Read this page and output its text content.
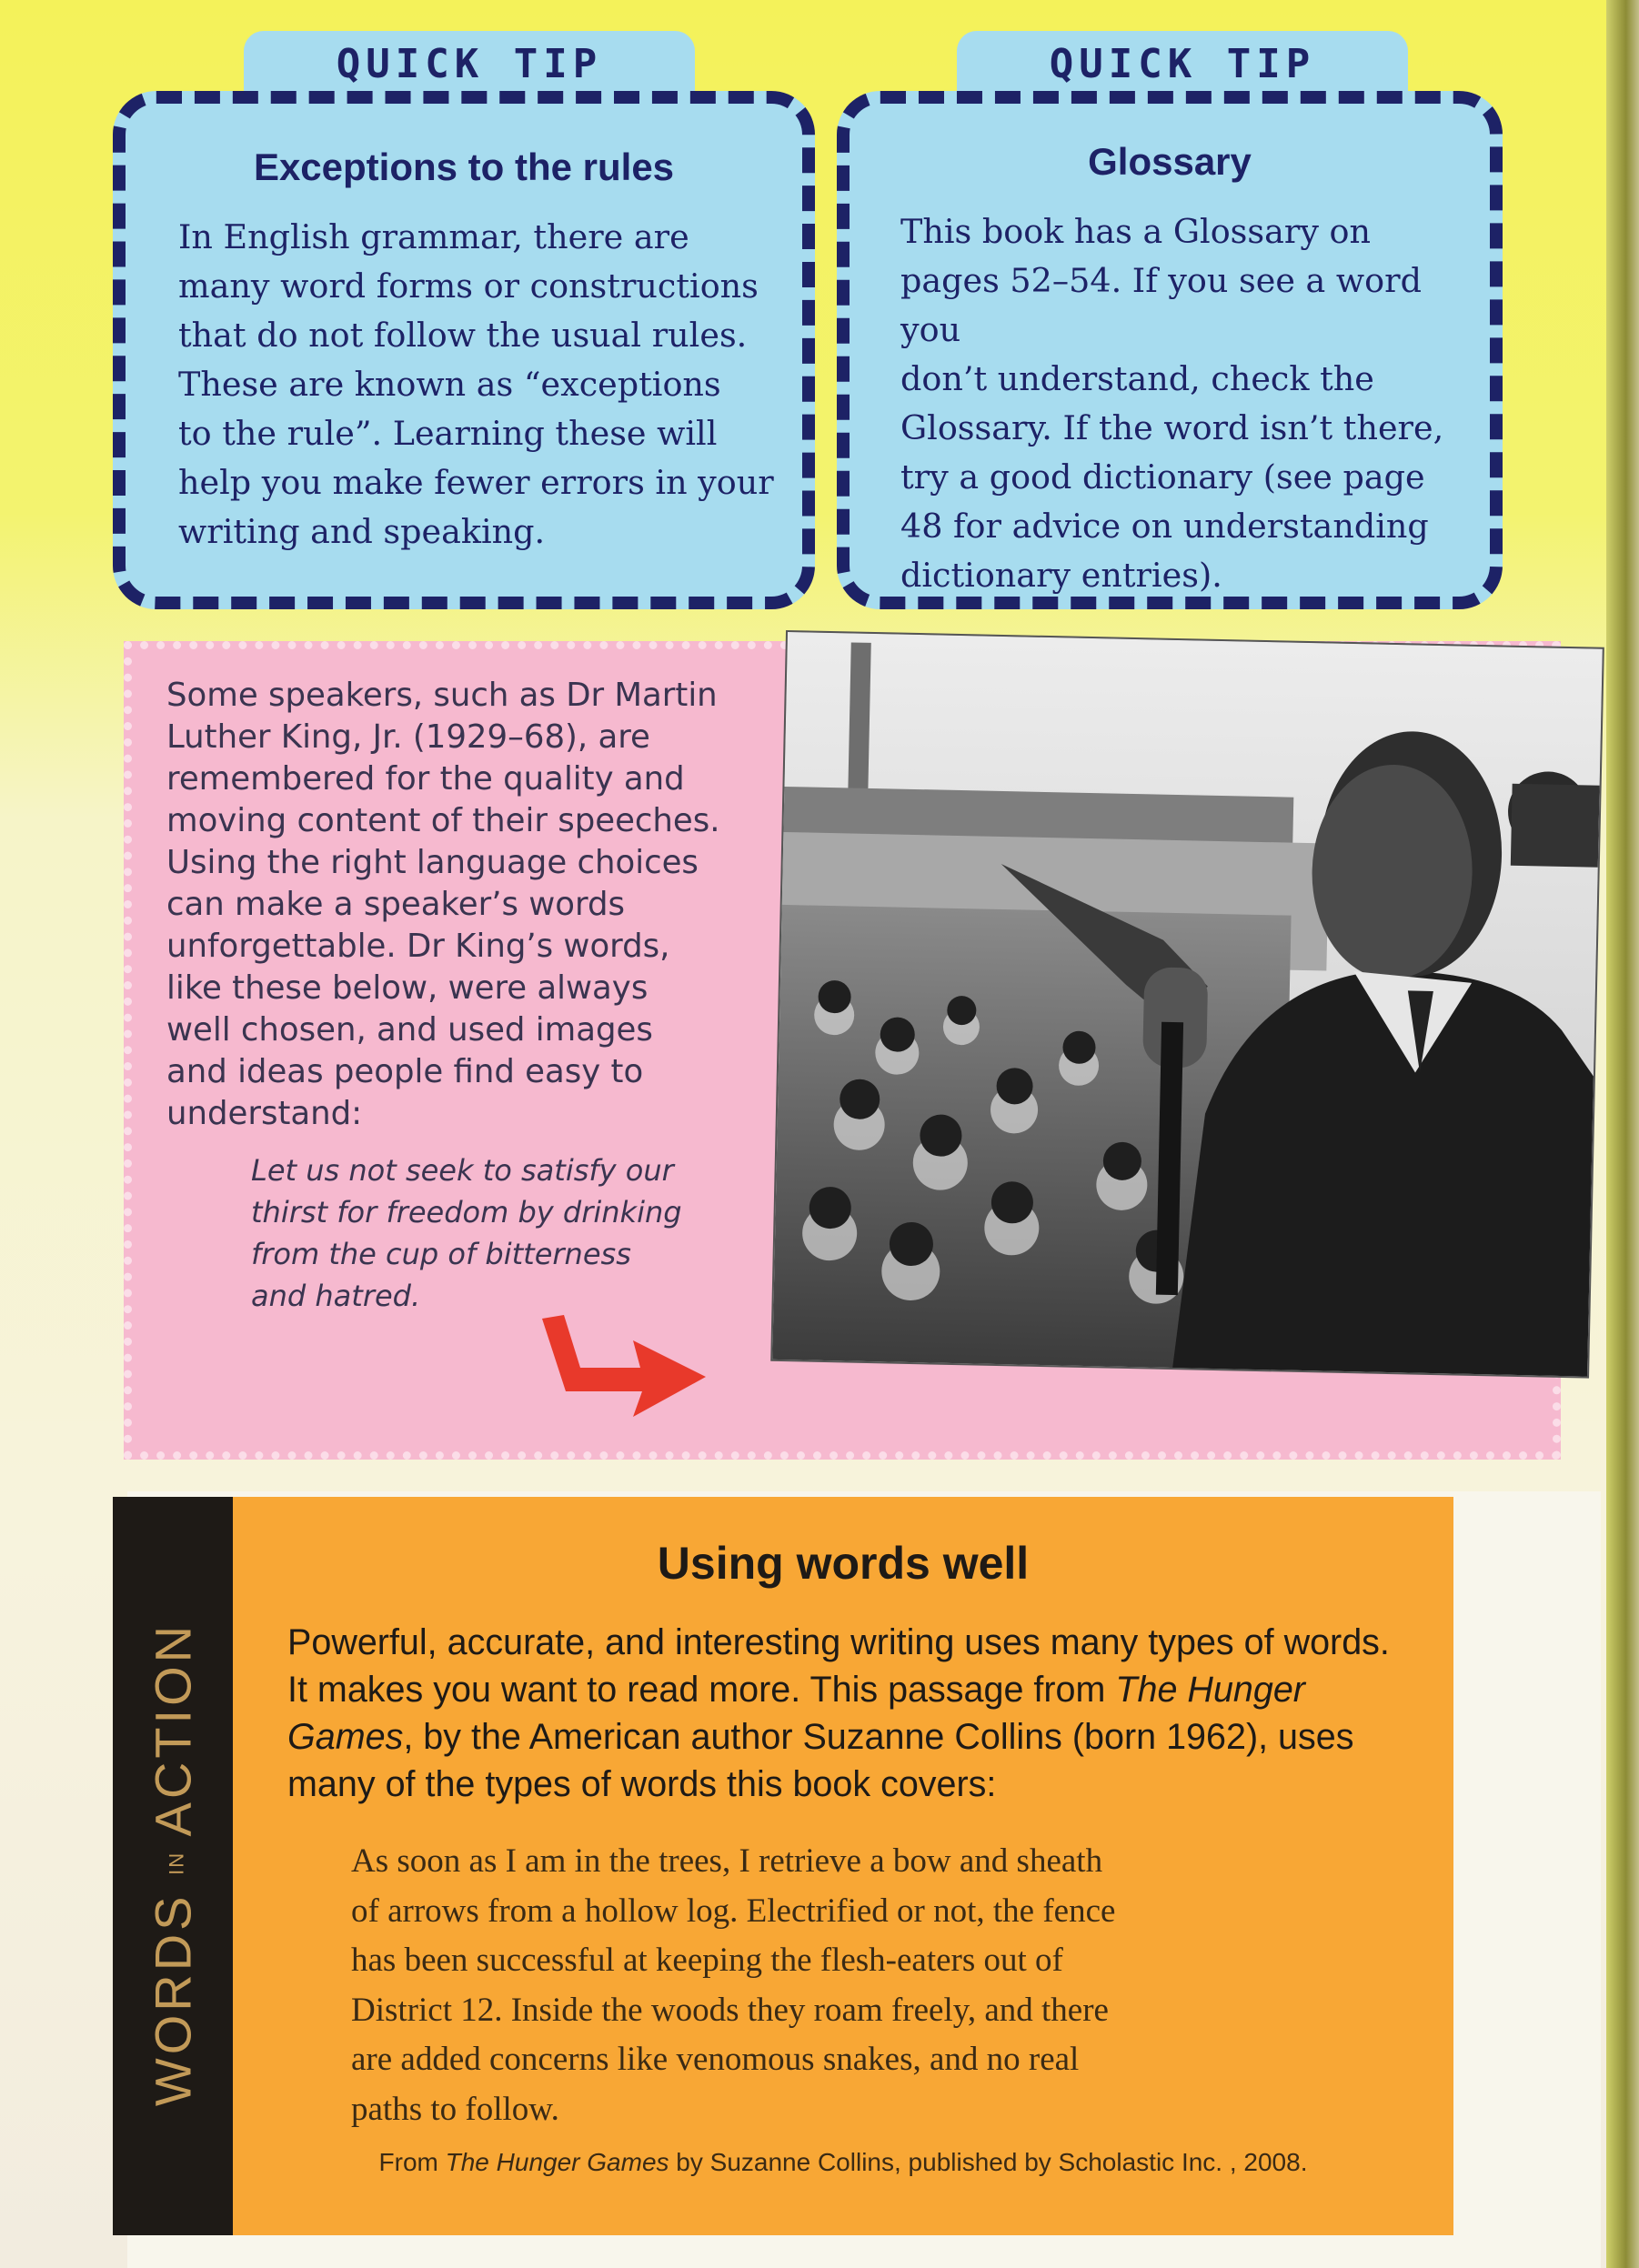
QUICK TIP
Exceptions to the rules
In English grammar, there are
many word forms or constructions
that do not follow the usual rules.
These are known as “exceptions
to the rule”. Learning these will
help you make fewer errors in your
writing and speaking.
QUICK TIP
Glossary
This book has a Glossary on
pages 52–54. If you see a word you
don’t understand, check the
Glossary. If the word isn’t there,
try a good dictionary (see page
48 for advice on understanding
dictionary entries).
Some speakers, such as Dr Martin
Luther King, Jr. (1929–68), are
remembered for the quality and
moving content of their speeches.
Using the right language choices
can make a speaker’s words
unforgettable. Dr King’s words,
like these below, were always
well chosen, and used images
and ideas people find easy to
understand:
Let us not seek to satisfy our
thirst for freedom by drinking
from the cup of bitterness
and hatred.
WORDS IN ACTION
Using words well
Powerful, accurate, and interesting writing uses many types of words. It makes you want to read more. This passage from The Hunger Games, by the American author Suzanne Collins (born 1962), uses many of the types of words this book covers:
As soon as I am in the trees, I retrieve a bow and sheath
of arrows from a hollow log. Electrified or not, the fence
has been successful at keeping the flesh-eaters out of
District 12. Inside the woods they roam freely, and there
are added concerns like venomous snakes, and no real
paths to follow.
From The Hunger Games by Suzanne Collins, published by Scholastic Inc. , 2008.
